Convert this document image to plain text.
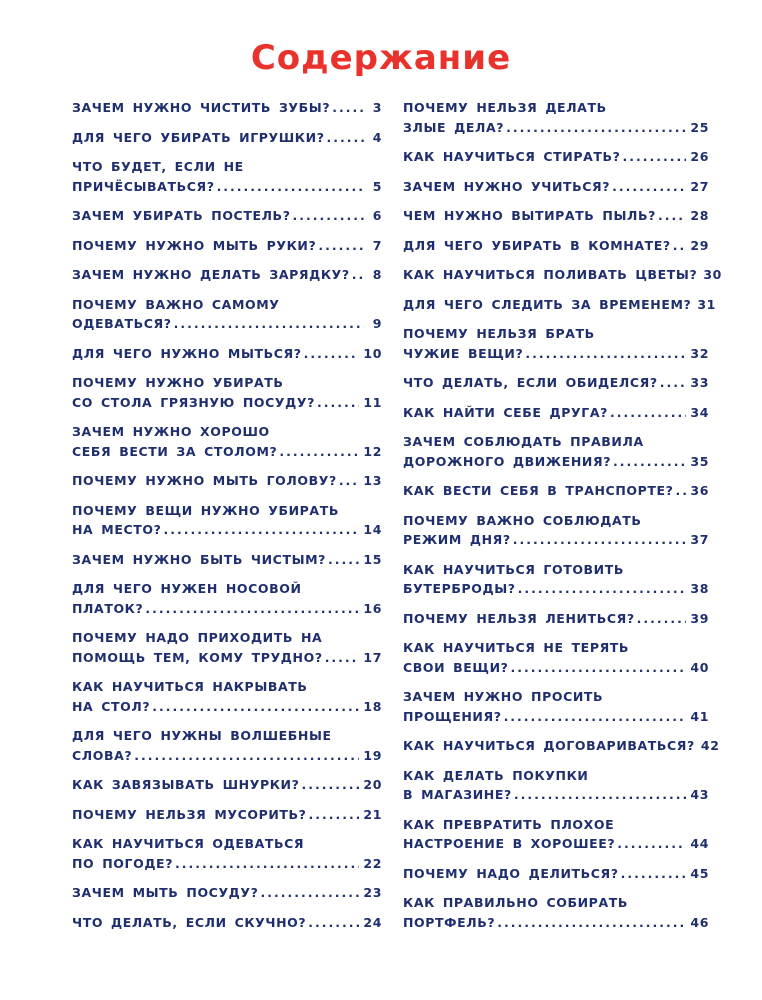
Содержание
ЗАЧЕМ НУЖНО ЧИСТИТЬ ЗУБЫ? .....	3
ДЛЯ ЧЕГО УБИРАТЬ ИГРУШКИ? .....	4
ЧТО БУДЕТ, ЕСЛИ НЕ
ПРИЧЁСЫВАТЬСЯ? .....	5
ЗАЧЕМ УБИРАТЬ ПОСТЕЛЬ? .....	6
ПОЧЕМУ НУЖНО МЫТЬ РУКИ? .....	7
ЗАЧЕМ НУЖНО ДЕЛАТЬ ЗАРЯДКУ? .....	8
ПОЧЕМУ ВАЖНО САМОМУ
ОДЕВАТЬСЯ? .....	9
ДЛЯ ЧЕГО НУЖНО МЫТЬСЯ? .....	10
ПОЧЕМУ НУЖНО УБИРАТЬ
СО СТОЛА ГРЯЗНУЮ ПОСУДУ? .....	11
ЗАЧЕМ НУЖНО ХОРОШО
СЕБЯ ВЕСТИ ЗА СТОЛОМ? .....	12
ПОЧЕМУ НУЖНО МЫТЬ ГОЛОВУ? ..... 13
ПОЧЕМУ ВЕЩИ НУЖНО УБИРАТЬ
НА МЕСТО? .....	14
ЗАЧЕМ НУЖНО БЫТЬ ЧИСТЫМ? .....	15
ДЛЯ ЧЕГО НУЖЕН НОСОВОЙ
ПЛАТОК? .....	16
ПОЧЕМУ НАДО ПРИХОДИТЬ НА
ПОМОЩЬ ТЕМ, КОМУ ТРУДНО? .....	17
КАК НАУЧИТЬСЯ НАКРЫВАТЬ
НА СТОЛ? .....	18
ДЛЯ ЧЕГО НУЖНЫ ВОЛШЕБНЫЕ
СЛОВА? .....	19
КАК ЗАВЯЗЫВАТЬ ШНУРКИ? .....	20
ПОЧЕМУ НЕЛЬЗЯ МУСОРИТЬ? .....	21
КАК НАУЧИТЬСЯ ОДЕВАТЬСЯ
ПО ПОГОДЕ? .....	22
ЗАЧЕМ МЫТЬ ПОСУДУ? .....	23
ЧТО ДЕЛАТЬ, ЕСЛИ СКУЧНО? .....	24
ПОЧЕМУ НЕЛЬЗЯ ДЕЛАТЬ
ЗЛЫЕ ДЕЛА? .....	25
КАК НАУЧИТЬСЯ СТИРАТЬ? .....	26
ЗАЧЕМ НУЖНО УЧИТЬСЯ? .....	27
ЧЕМ НУЖНО ВЫТИРАТЬ ПЫЛЬ? .....	28
ДЛЯ ЧЕГО УБИРАТЬ В КОМНАТЕ? ..... 29
КАК НАУЧИТЬСЯ ПОЛИВАТЬ ЦВЕТЫ? 30
ДЛЯ ЧЕГО СЛЕДИТЬ ЗА ВРЕМЕНЕМ? 31
ПОЧЕМУ НЕЛЬЗЯ БРАТЬ
ЧУЖИЕ ВЕЩИ? .....	32
ЧТО ДЕЛАТЬ, ЕСЛИ ОБИДЕЛСЯ? .....	33
КАК НАЙТИ СЕБЕ ДРУГА? .....	34
ЗАЧЕМ СОБЛЮДАТЬ ПРАВИЛА
ДОРОЖНОГО ДВИЖЕНИЯ? .....	35
КАК ВЕСТИ СЕБЯ В ТРАНСПОРТЕ? ..... 36
ПОЧЕМУ ВАЖНО СОБЛЮДАТЬ
РЕЖИМ ДНЯ? .....	37
КАК НАУЧИТЬСЯ ГОТОВИТЬ
БУТЕРБРОДЫ? .....	38
ПОЧЕМУ НЕЛЬЗЯ ЛЕНИТЬСЯ? .....	39
КАК НАУЧИТЬСЯ НЕ ТЕРЯТЬ
СВОИ ВЕЩИ? .....	40
ЗАЧЕМ НУЖНО ПРОСИТЬ
ПРОЩЕНИЯ? .....	41
КАК НАУЧИТЬСЯ ДОГОВАРИВАТЬСЯ? 42
КАК ДЕЛАТЬ ПОКУПКИ
В МАГАЗИНЕ? .....	43
КАК ПРЕВРАТИТЬ ПЛОХОЕ
НАСТРОЕНИЕ В ХОРОШЕЕ? .....	44
ПОЧЕМУ НАДО ДЕЛИТЬСЯ? .....	45
КАК ПРАВИЛЬНО СОБИРАТЬ
ПОРТФЕЛЬ? .....	46
